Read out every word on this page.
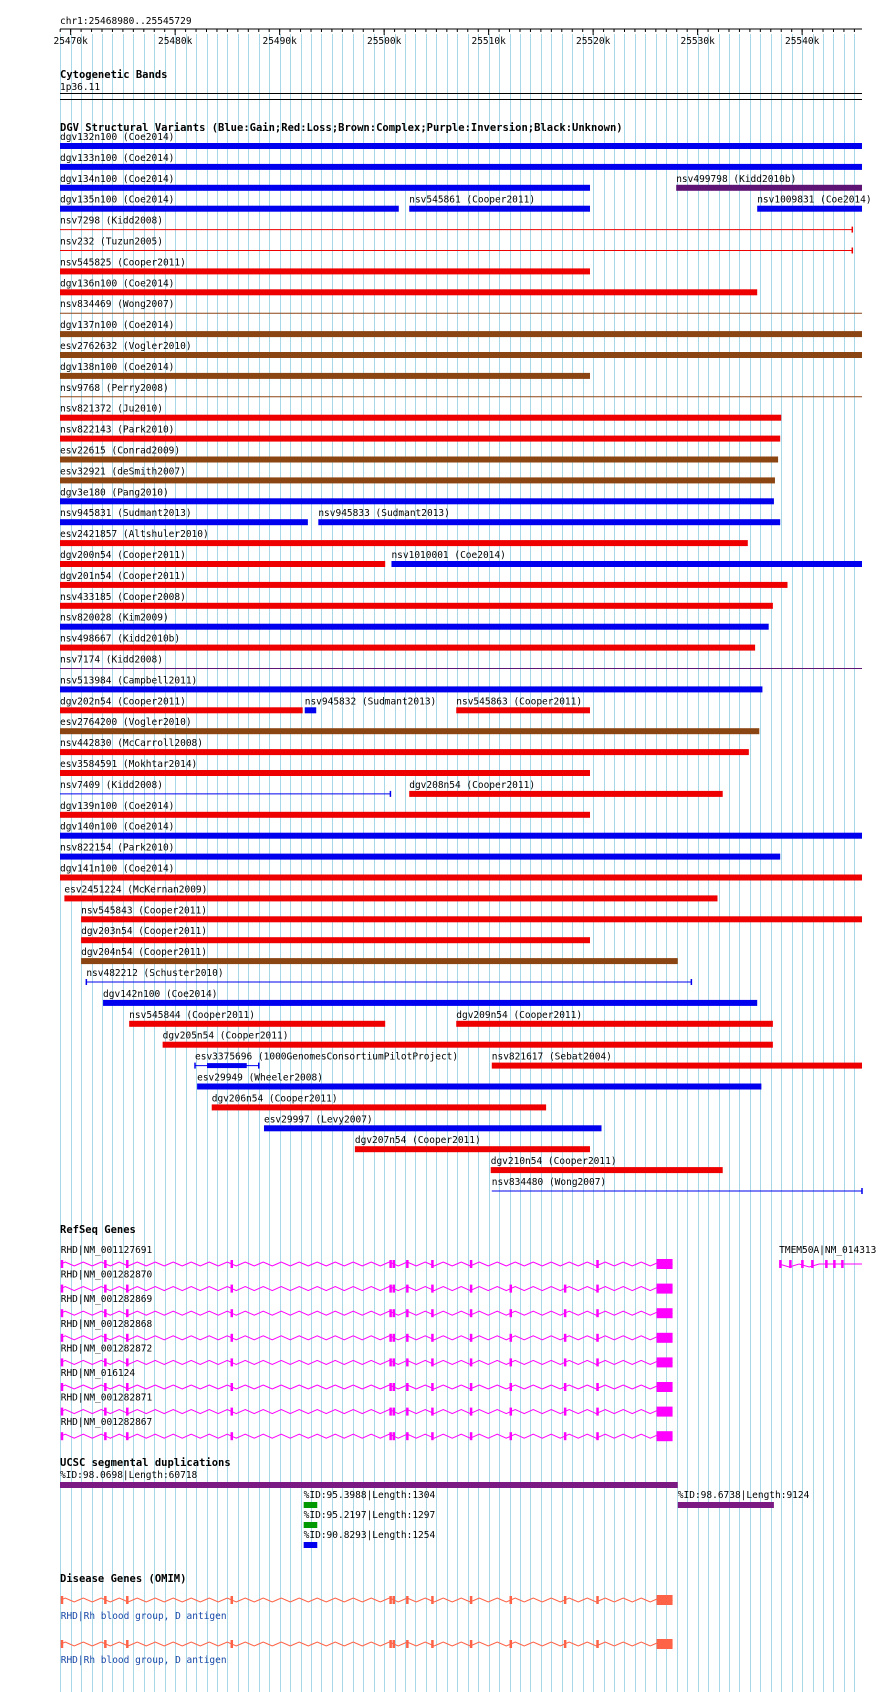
chr1:25468980..25545729
25470k	25480k	25490k	25500k	25510k	25520k	25530k	25540k
Cytogenetic Bands
1p36.11
DGV Structural Variants (Blue:Gain;Red:Loss;Brown:Complex;Purple:Inversion;Black:Unknown)
dgv132n100 (Coe2014)
dgv133n100 (Coe2014)
dgv134n100 (Coe2014)	nsv499798 (Kidd2010b)
dgv135n100 (Coe2014)	nsv545861 (Cooper2011)	nsv1009831 (Coe2014)
nsv7298 (Kidd2008)
nsv232 (Tuzun2005)
nsv545825 (Cooper2011)
dgv136n100 (Coe2014)
nsv834469 (Wong2007)
dgv137n100 (Coe2014)
esv2762632 (Vogler2010)
dgv138n100 (Coe2014)
nsv9768 (Perry2008)
nsv821372 (Ju2010)
nsv822143 (Park2010)
esv22615 (Conrad2009)
esv32921 (deSmith2007)
dgv3e180 (Pang2010)
nsv945831 (Sudmant2013)	nsv945833 (Sudmant2013)
esv2421857 (Altshuler2010)
dgv200n54 (Cooper2011)	nsv1010001 (Coe2014)
dgv201n54 (Cooper2011)
nsv433185 (Cooper2008)
nsv820028 (Kim2009)
nsv498667 (Kidd2010b)
nsv7174 (Kidd2008)
nsv513984 (Campbell2011)
dgv202n54 (Cooper2011)	nsv945832 (Sudmant2013) nsv545863 (Cooper2011)
esv2764200 (Vogler2010)
nsv442830 (McCarroll2008)
esv3584591 (Mokhtar2014)
nsv7409 (Kidd2008)	dgv208n54 (Cooper2011)
dgv139n100 (Coe2014)
dgv140n100 (Coe2014)
nsv822154 (Park2010)
dgv141n100 (Coe2014)
esv2451224 (McKernan2009)
nsv545843 (Cooper2011)
dgv203n54 (Cooper2011)
dgv204n54 (Cooper2011)
nsv482212 (Schuster2010)
dgv142n100 (Coe2014)
nsv545844 (Cooper2011)	dgv209n54 (Cooper2011)
dgv205n54 (Cooper2011)
esv3375696 (1000GenomesConsortiumPilotProject)	nsv821617 (Sebat2004)
esv29949 (Wheeler2008)
dgv206n54 (Cooper2011)
esv29997 (Levy2007)
dgv207n54 (Cooper2011)
dgv210n54 (Cooper2011)
nsv834480 (Wong2007)
RefSeq Genes
RHD|NM_001127691
RHD|NM_001282870
RHD|NM_001282869
RHD|NM_001282868
RHD|NM_001282872
RHD|NM_016124
RHD|NM_001282871
RHD|NM_001282867
TMEM50A|NM_014313
UCSC segmental duplications
%ID:98.0698|Length:60718
%ID:98.6738|Length:9124
%ID:95.3988|Length:1304
%ID:95.2197|Length:1297
%ID:90.8293|Length:1254
Disease Genes (OMIM)
RHD|Rh blood group, D antigen
RHD|Rh blood group, D antigen
